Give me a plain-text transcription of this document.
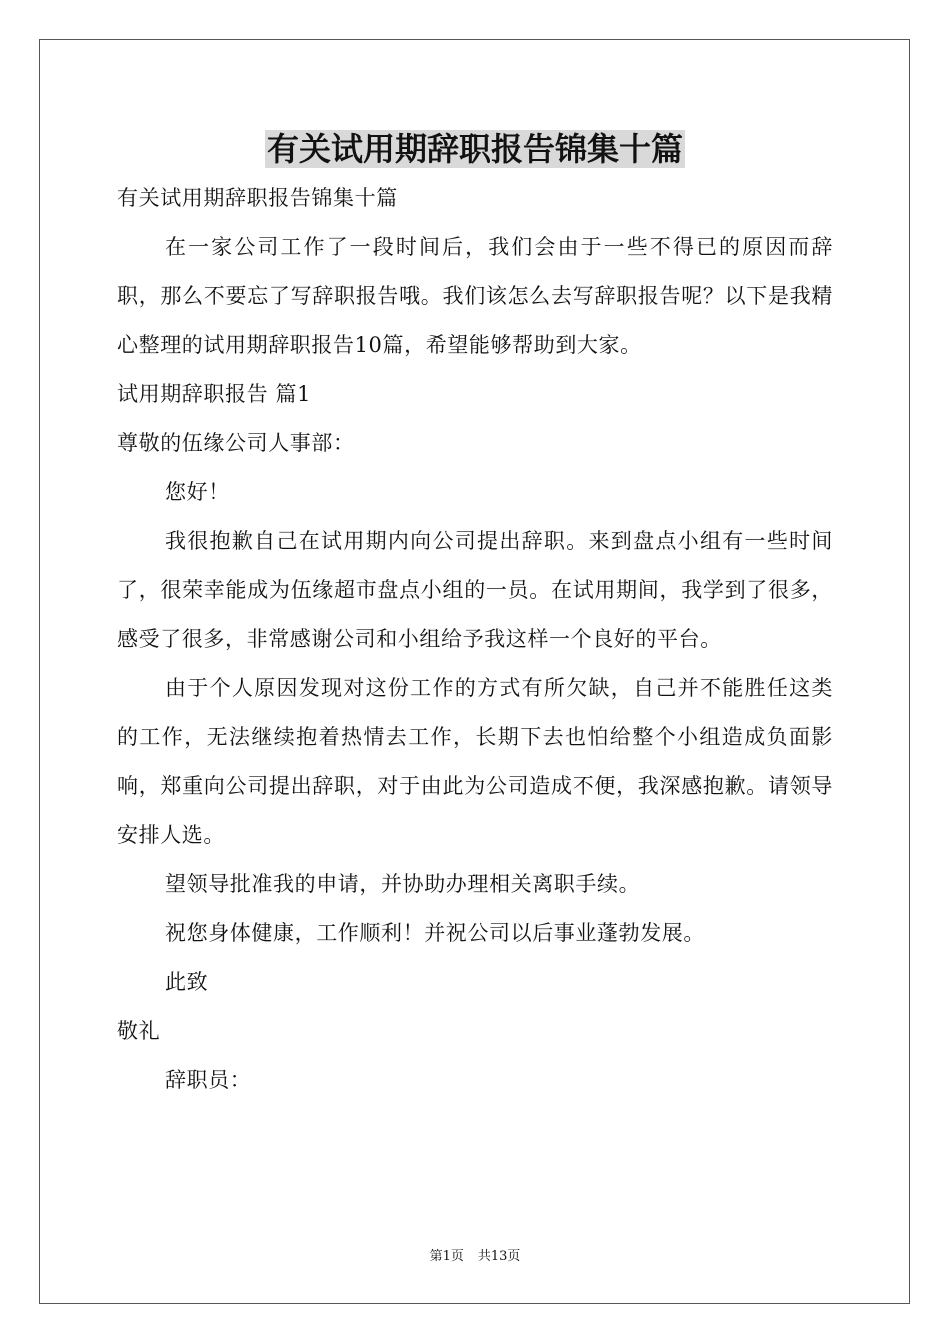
有关试用期辞职报告锦集十篇

有关试用期辞职报告锦集十篇

在一家公司工作了一段时间后，我们会由于一些不得已的原因而辞职，那么不要忘了写辞职报告哦。我们该怎么去写辞职报告呢？以下是我精心整理的试用期辞职报告10篇，希望能够帮助到大家。

试用期辞职报告 篇1

尊敬的伍缘公司人事部：

您好！

我很抱歉自己在试用期内向公司提出辞职。来到盘点小组有一些时间了，很荣幸能成为伍缘超市盘点小组的一员。在试用期间，我学到了很多，感受了很多，非常感谢公司和小组给予我这样一个良好的平台。

由于个人原因发现对这份工作的方式有所欠缺，自己并不能胜任这类的工作，无法继续抱着热情去工作，长期下去也怕给整个小组造成负面影响，郑重向公司提出辞职，对于由此为公司造成不便，我深感抱歉。请领导安排人选。

望领导批准我的申请，并协助办理相关离职手续。

祝您身体健康，工作顺利！并祝公司以后事业蓬勃发展。

此致

敬礼

辞职员：

第1页 共13页
